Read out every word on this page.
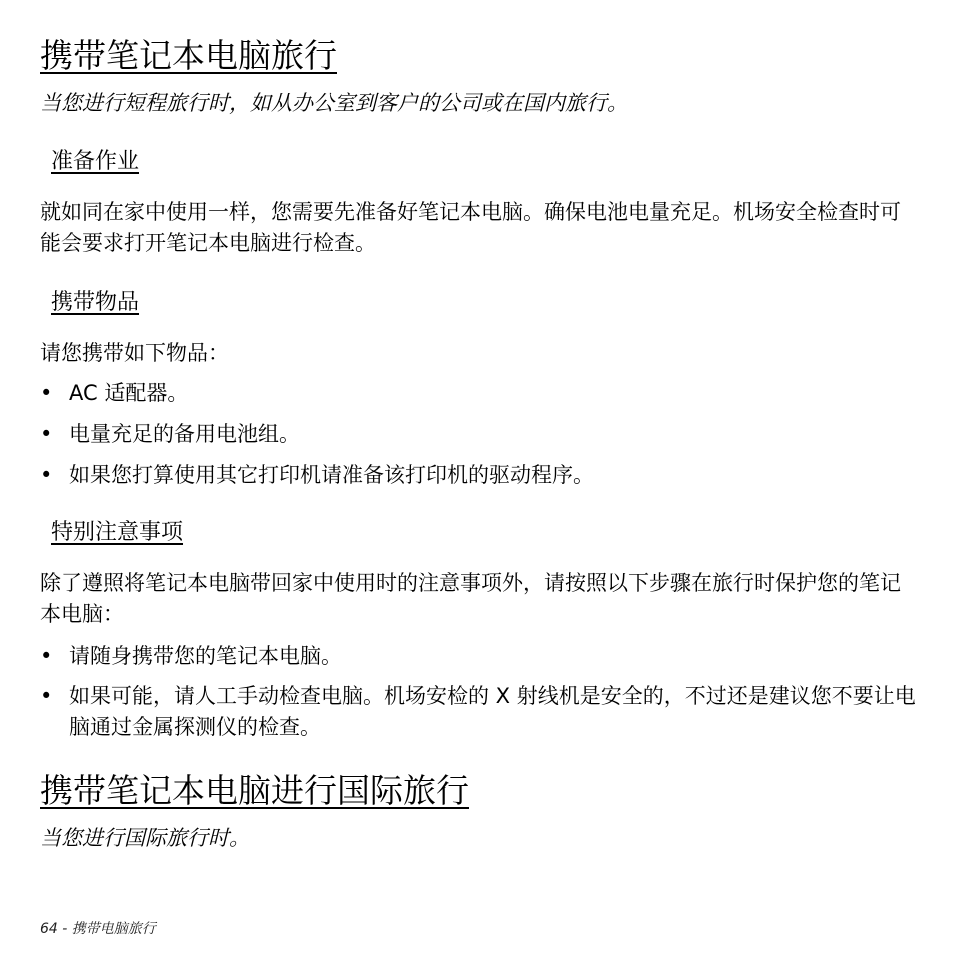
携带笔记本电脑旅行
当您进行短程旅行时，如从办公室到客户的公司或在国内旅行。
准备作业
就如同在家中使用一样，您需要先准备好笔记本电脑。确保电池电量充足。机场安全检查时可能会要求打开笔记本电脑进行检查。
携带物品
请您携带如下物品：
• AC 适配器。
• 电量充足的备用电池组。
• 如果您打算使用其它打印机请准备该打印机的驱动程序。
特别注意事项
除了遵照将笔记本电脑带回家中使用时的注意事项外，请按照以下步骤在旅行时保护您的笔记本电脑：
• 请随身携带您的笔记本电脑。
• 如果可能，请人工手动检查电脑。机场安检的 X 射线机是安全的，不过还是建议您不要让电脑通过金属探测仪的检查。
携带笔记本电脑进行国际旅行
当您进行国际旅行时。
64 - 携带电脑旅行
